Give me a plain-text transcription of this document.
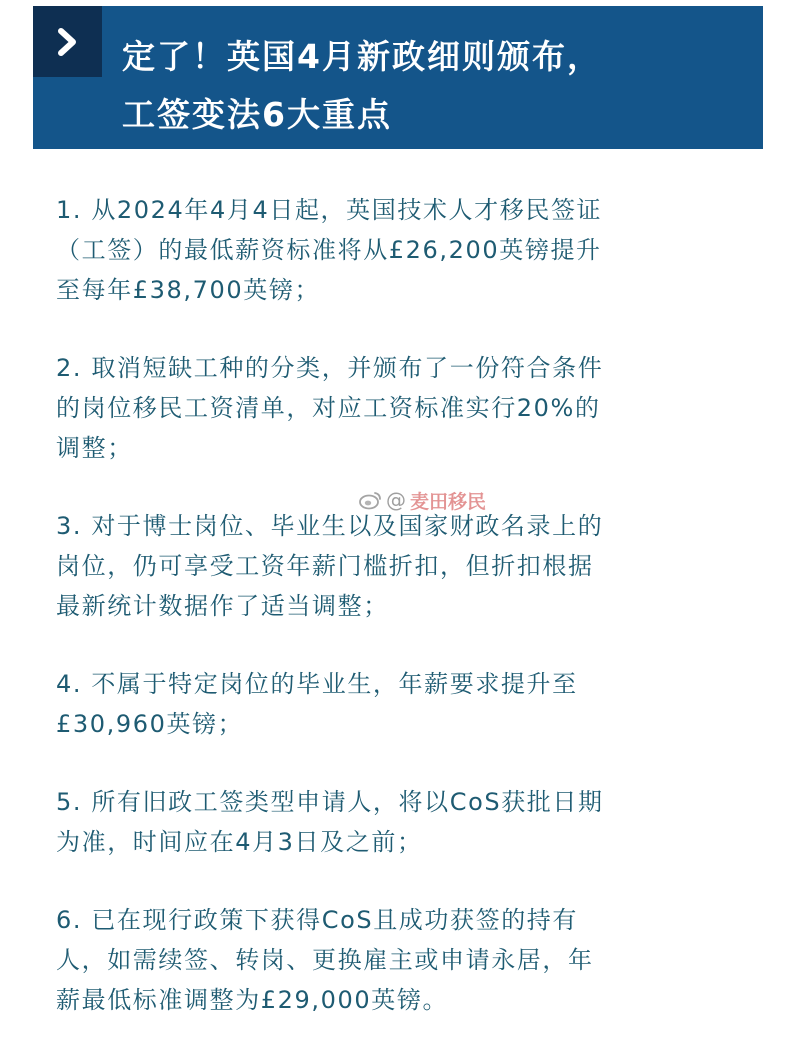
定了！英国4月新政细则颁布，
工签变法6大重点
1. 从2024年4月4日起，英国技术人才移民签证
（工签）的最低薪资标准将从£26,200英镑提升
至每年£38,700英镑；
2. 取消短缺工种的分类，并颁布了一份符合条件
的岗位移民工资清单，对应工资标准实行20%的
调整；
3. 对于博士岗位、毕业生以及国家财政名录上的
岗位，仍可享受工资年薪门槛折扣，但折扣根据
最新统计数据作了适当调整；
4. 不属于特定岗位的毕业生，年薪要求提升至
£30,960英镑；
5. 所有旧政工签类型申请人，将以CoS获批日期
为准，时间应在4月3日及之前；
6. 已在现行政策下获得CoS且成功获签的持有
人，如需续签、转岗、更换雇主或申请永居，年
薪最低标准调整为£29,000英镑。
@ 麦田移民
